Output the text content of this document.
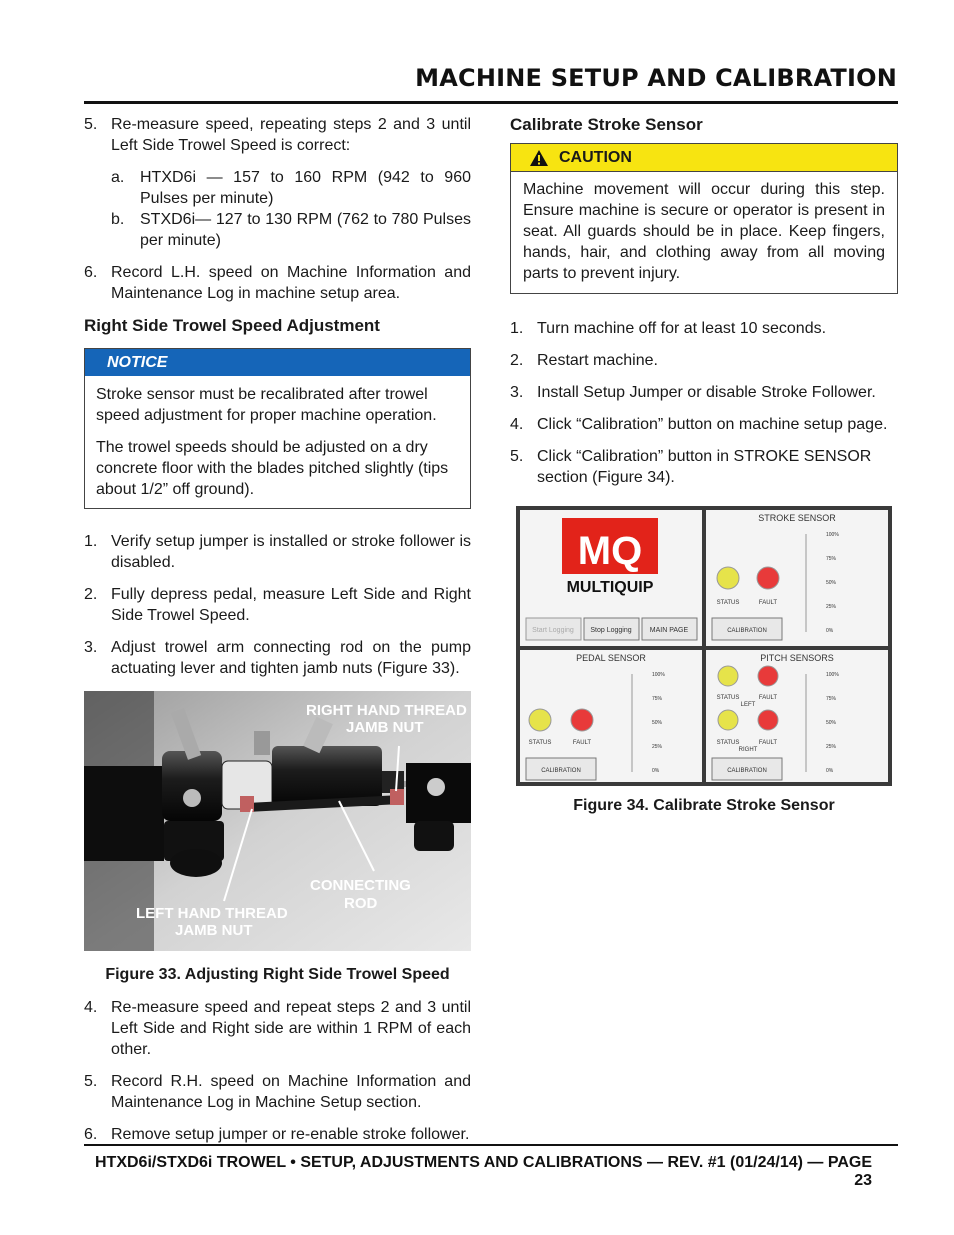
MACHINE SETUP AND CALIBRATION
5. Re-measure speed, repeating steps 2 and 3 until Left Side Trowel Speed is correct:
a. HTXD6i — 157 to 160 RPM (942 to 960 Pulses per minute)
b. STXD6i— 127 to 130 RPM (762 to 780 Pulses per minute)
6. Record L.H. speed on Machine Information and Maintenance Log in machine setup area.
Right Side Trowel Speed Adjustment
NOTICE

Stroke sensor must be recalibrated after trowel speed adjustment for proper machine operation.

The trowel speeds should be adjusted on a dry concrete floor with the blades pitched slightly (tips about 1/2” off ground).

1. Verify setup jumper is installed or stroke follower is disabled.
2. Fully depress pedal, measure Left Side and Right Side Trowel Speed.
3. Adjust trowel arm connecting rod on the pump actuating lever and tighten jamb nuts (Figure 33).
RIGHT HAND THREAD
JAMB NUT
CONNECTING
ROD
LEFT HAND THREAD
JAMB NUT
Figure 33. Adjusting Right Side Trowel Speed
4. Re-measure speed and repeat steps 2 and 3 until Left Side and Right side are within 1 RPM of each other.
5. Record R.H. speed on Machine Information and Maintenance Log in Machine Setup section.
6. Remove setup jumper or re-enable stroke follower.
Calibrate Stroke Sensor
CAUTION
Machine movement will occur during this step. Ensure machine is secure or operator is present in seat. All guards should be in place. Keep fingers, hands, hair, and clothing away from all moving parts to prevent injury.
1. Turn machine off for at least 10 seconds.
2. Restart machine.
3. Install Setup Jumper or disable Stroke Follower.
4. Click “Calibration” button on machine setup page.
5. Click “Calibration” button in STROKE SENSOR section (Figure 34).
MQ
MULTIQUIP
Start Logging Stop Logging	MAIN PAGE
STROKE SENSOR
STATUS	FAULT
100%
75%
50%
25%
0%
CALIBRATION
PEDAL SENSOR
STATUS	FAULT
100%
75%
50%
25%
0%
CALIBRATION
PITCH SENSORS
STATUS	FAULT
LEFT
STATUS	FAULT
RIGHT
100%
75%
50%
25%
0%
CALIBRATION
Figure 34. Calibrate Stroke Sensor
HTXD6i/STXD6i TROWEL • SETUP, ADJUSTMENTS AND CALIBRATIONS — REV. #1 (01/24/14) — PAGE 23
